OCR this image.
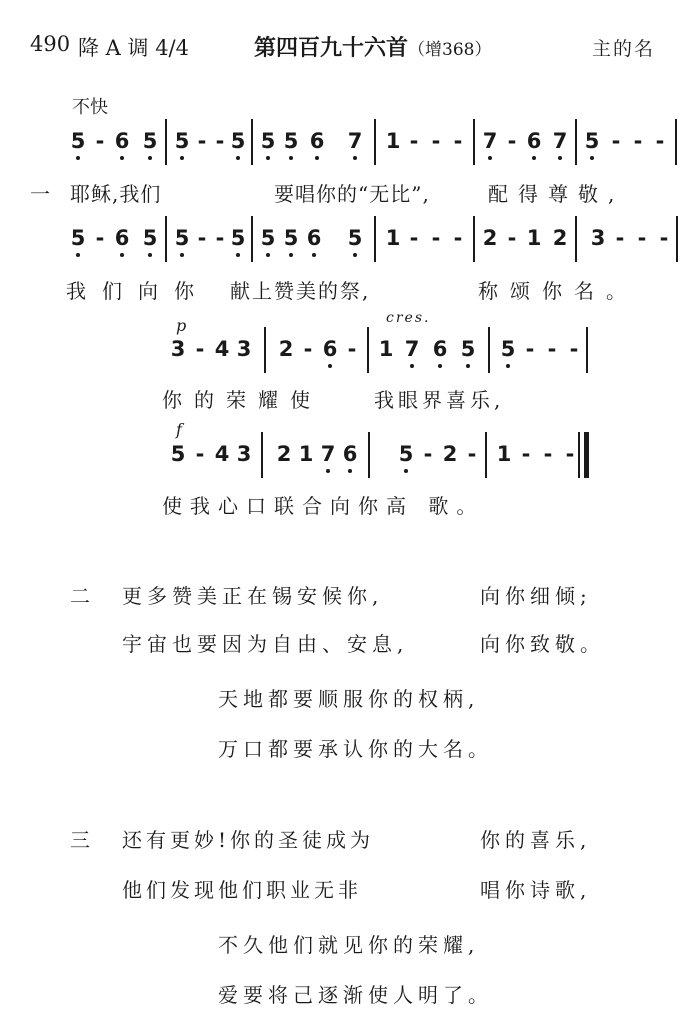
490 降 A 调 4/4	第四百九十六首（增368）	主的名
不快
5 - 6 5 5 - - 5 5 5 6 7 1 - - - 7 - 6 7 5 - - -
一 耶稣,我们	要唱你的“无比”,	配得尊敬,
5 - 6 5 5 - - 5 5 5 6 5 1 - - - 2 - 1 2 3 - - -
我们向你 献上赞美的祭,	称颂你名。
p	cres.
3 - 4 3 2 - 6 - 1 7 6 5 5 - - -
你的荣耀使	我眼界喜乐,
f
5 - 4 3 2 1 7 6 5 - 2 - 1 - - -
使我心口联合向你高 歌。
二 更多赞美正在锡安候你,	向你细倾;
宇宙也要因为自由、安息,	向你致敬。
天地都要顺服你的权柄,
万口都要承认你的大名。
三 还有更妙!你的圣徒成为	你的喜乐,
他们发现他们职业无非	唱你诗歌,
不久他们就见你的荣耀,
爱要将己逐渐使人明了。
